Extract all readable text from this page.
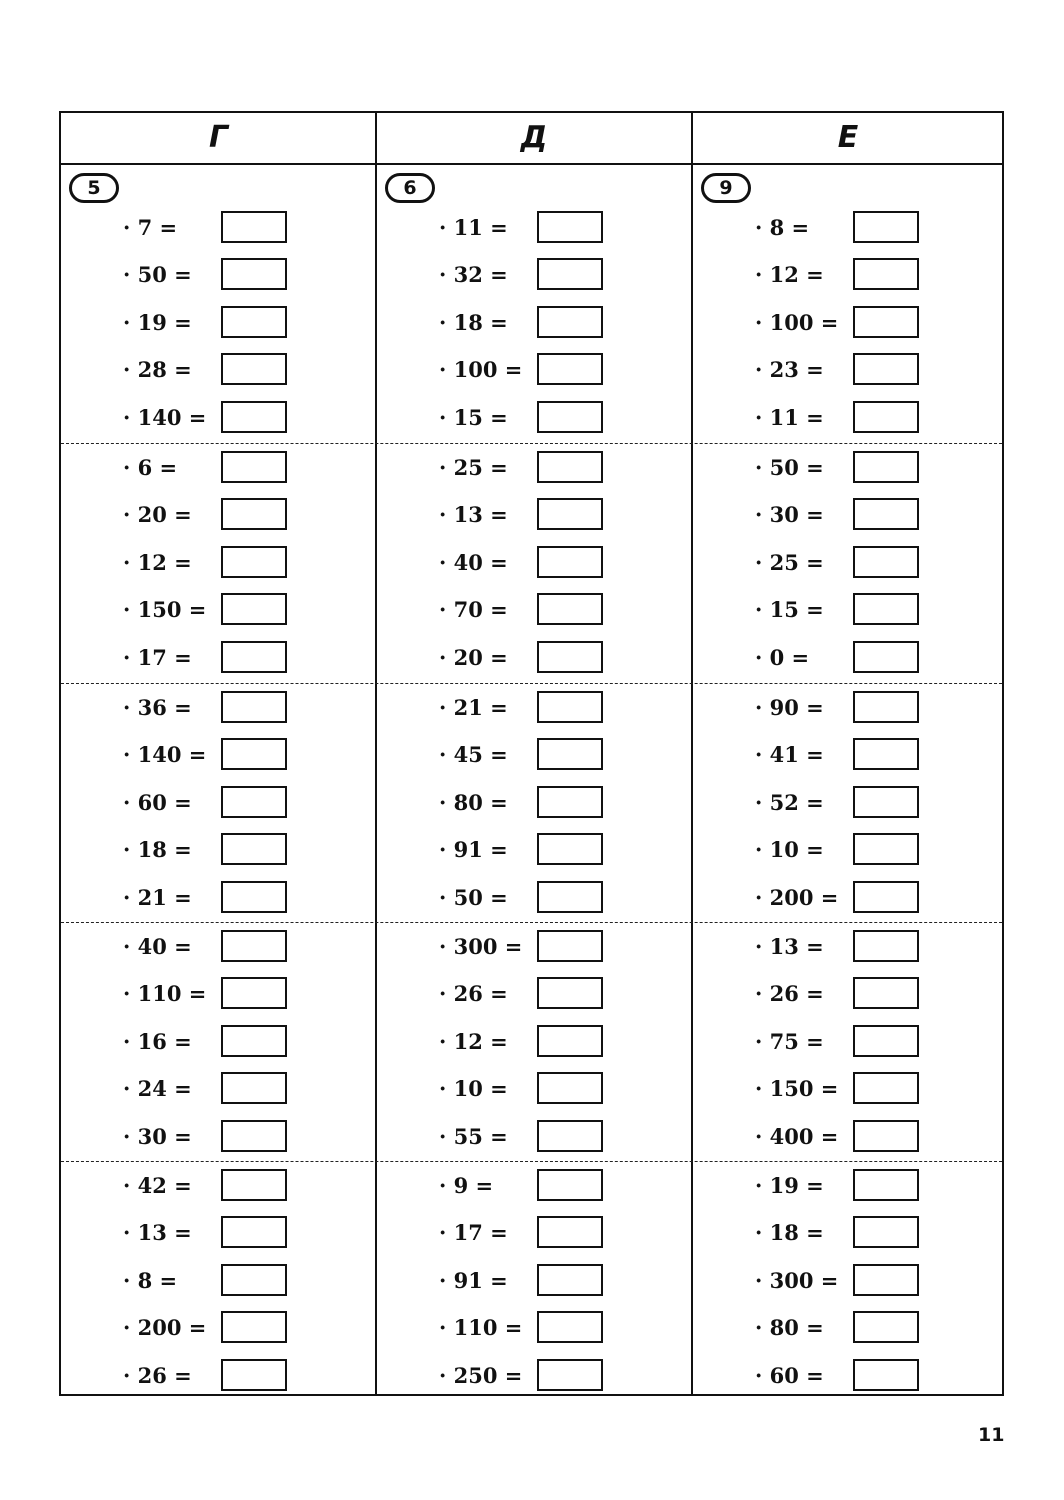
Г	Д	Е
5
· 7 =
· 50 =
· 19 =
· 28 =
· 140 =
· 6 =
· 20 =
· 12 =
· 150 =
· 17 =
· 36 =
· 140 =
· 60 =
· 18 =
· 21 =
· 40 =
· 110 =
· 16 =
· 24 =
· 30 =
· 42 =
· 13 =
· 8 =
· 200 =
· 26 =
6
· 11 =
· 32 =
· 18 =
· 100 =
· 15 =
· 25 =
· 13 =
· 40 =
· 70 =
· 20 =
· 21 =
· 45 =
· 80 =
· 91 =
· 50 =
· 300 =
· 26 =
· 12 =
· 10 =
· 55 =
· 9 =
· 17 =
· 91 =
· 110 =
· 250 =
9
· 8 =
· 12 =
· 100 =
· 23 =
· 11 =
· 50 =
· 30 =
· 25 =
· 15 =
· 0 =
· 90 =
· 41 =
· 52 =
· 10 =
· 200 =
· 13 =
· 26 =
· 75 =
· 150 =
· 400 =
· 19 =
· 18 =
· 300 =
· 80 =
· 60 =
11
